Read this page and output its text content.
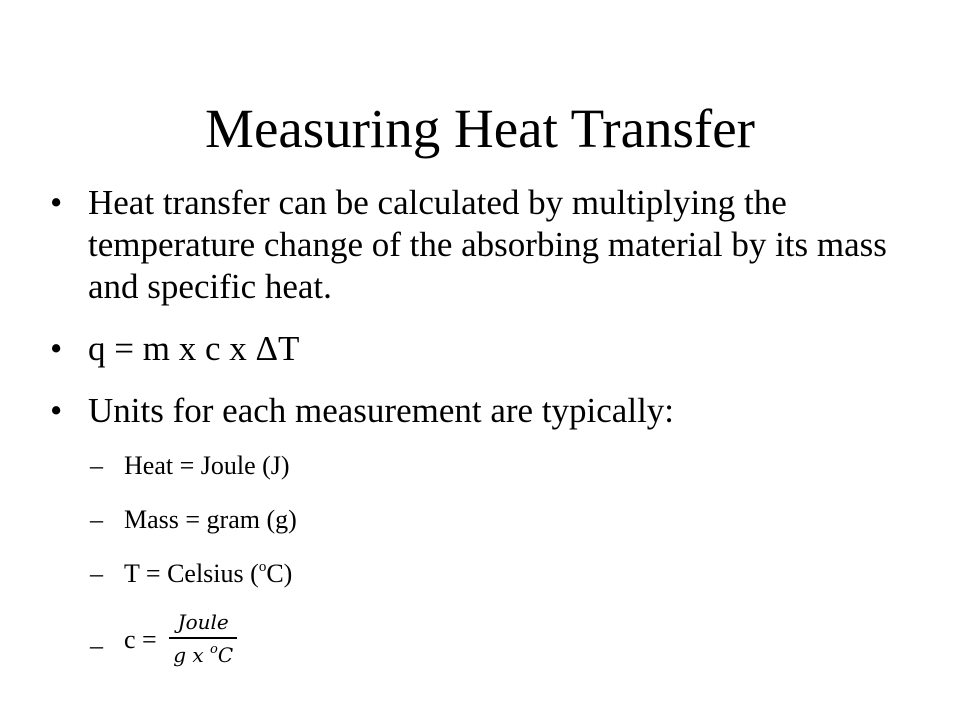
Measuring Heat Transfer
• Heat transfer can be calculated by multiplying the temperature change of the absorbing material by its mass and specific heat.
• q = m x c x ΔT
• Units for each measurement are typically:
– Heat = Joule (J)
– Mass = gram (g)
– T = Celsius ($^o$C)
– $c = \frac{\text{Joule}}{g x ^oC}$
